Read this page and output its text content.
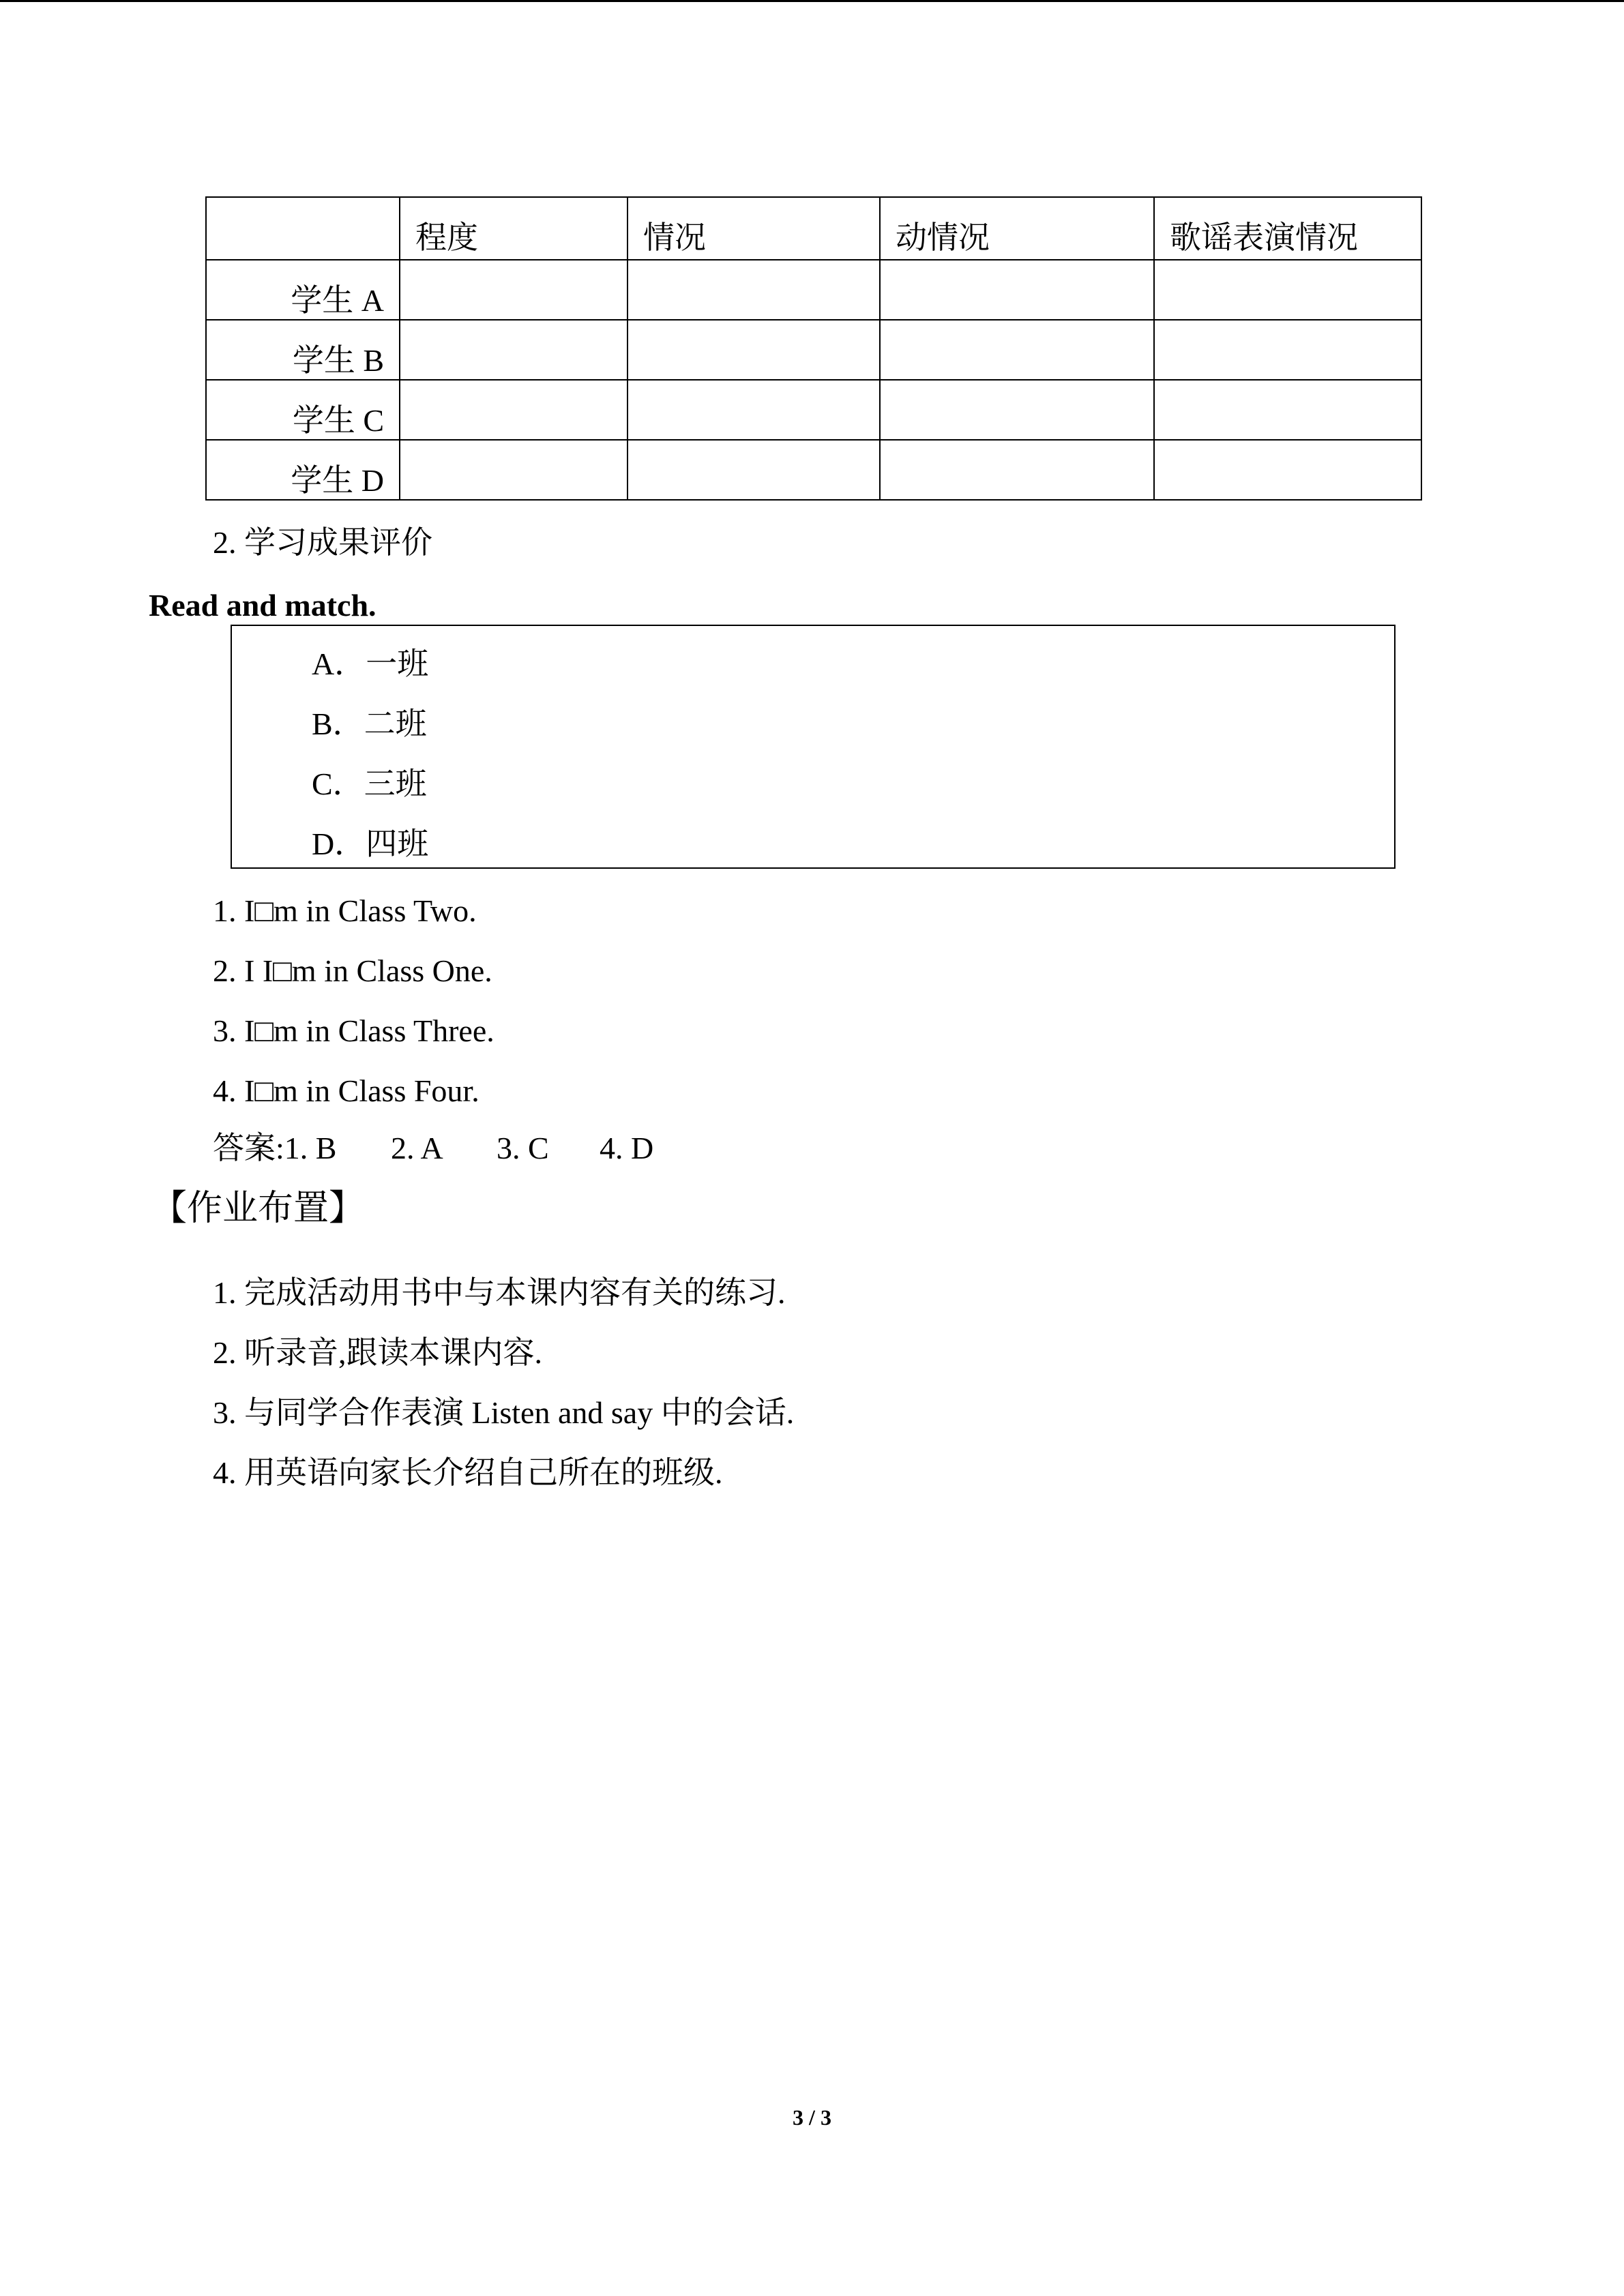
	程度	情况	动情况	歌谣表演情况
学生 A				
学生 B				
学生 C				
学生 D				
2. 学习成果评价
Read and match.
A．一班
B．二班
C．三班
D．四班
1. I□m in Class Two.
2. I I□m in Class One.
3. I□m in Class Three.
4. I□m in Class Four.
答案:1. B 2. A 3. C 4. D
【作业布置】
1. 完成活动用书中与本课内容有关的练习.
2. 听录音,跟读本课内容.
3. 与同学合作表演 Listen and say 中的会话.
4. 用英语向家长介绍自己所在的班级.
3 / 3
